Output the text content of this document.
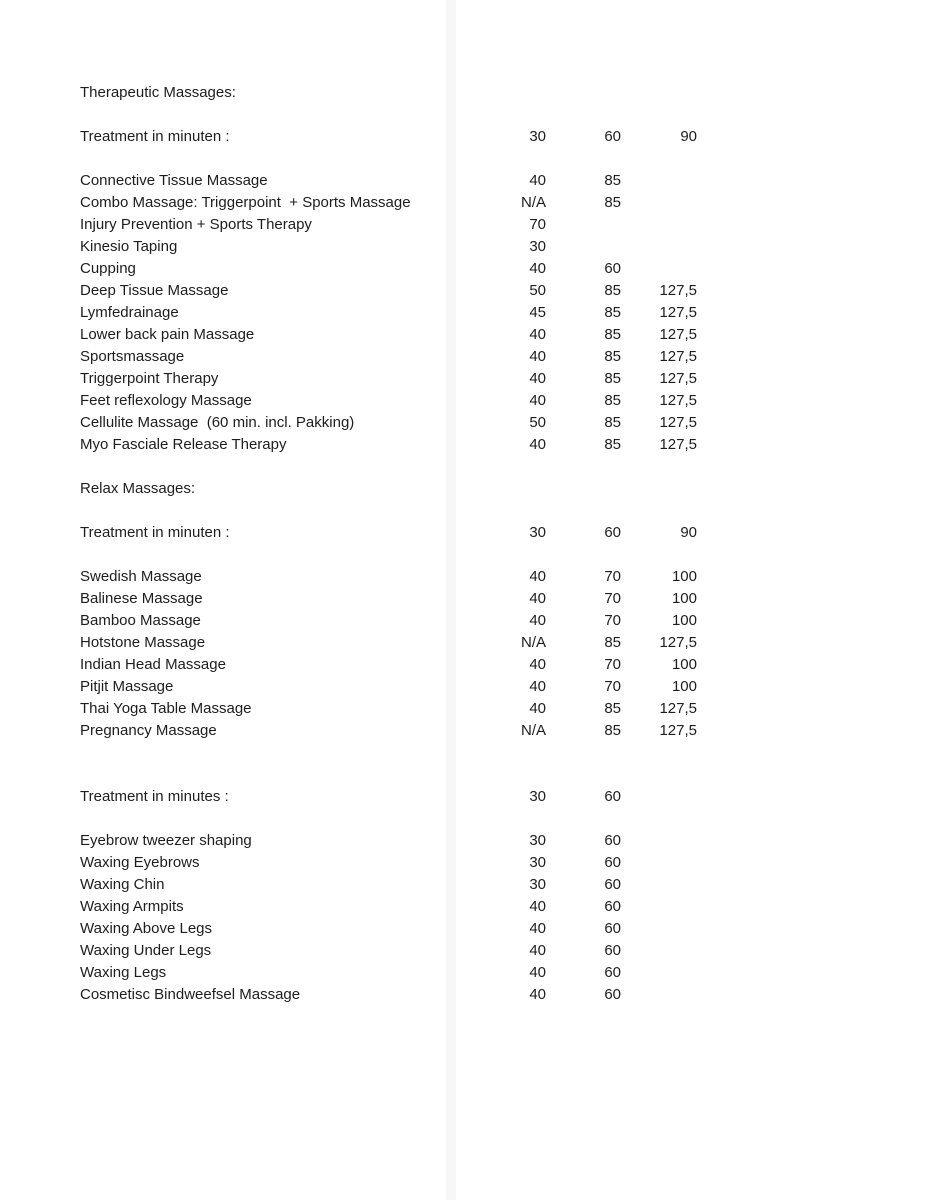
Therapeutic Massages:
Treatment in minuten :	30	60	90
Connective Tissue Massage	40	85
Combo Massage: Triggerpoint  + Sports Massage	N/A	85
Injury Prevention + Sports Therapy	70
Kinesio Taping	30
Cupping	40	60
Deep Tissue Massage	50	85	127,5
Lymfedrainage	45	85	127,5
Lower back pain Massage	40	85	127,5
Sportsmassage	40	85	127,5
Triggerpoint Therapy	40	85	127,5
Feet reflexology Massage	40	85	127,5
Cellulite Massage  (60 min. incl. Pakking)	50	85	127,5
Myo Fasciale Release Therapy	40	85	127,5
Relax Massages:
Treatment in minuten :	30	60	90
Swedish Massage	40	70	100
Balinese Massage	40	70	100
Bamboo Massage	40	70	100
Hotstone Massage	N/A	85	127,5
Indian Head Massage	40	70	100
Pitjit Massage	40	70	100
Thai Yoga Table Massage	40	85	127,5
Pregnancy Massage	N/A	85	127,5
Treatment in minutes :	30	60
Eyebrow tweezer shaping	30	60
Waxing Eyebrows	30	60
Waxing Chin	30	60
Waxing Armpits	40	60
Waxing Above Legs	40	60
Waxing Under Legs	40	60
Waxing Legs	40	60
Cosmetisc Bindweefsel Massage	40	60
